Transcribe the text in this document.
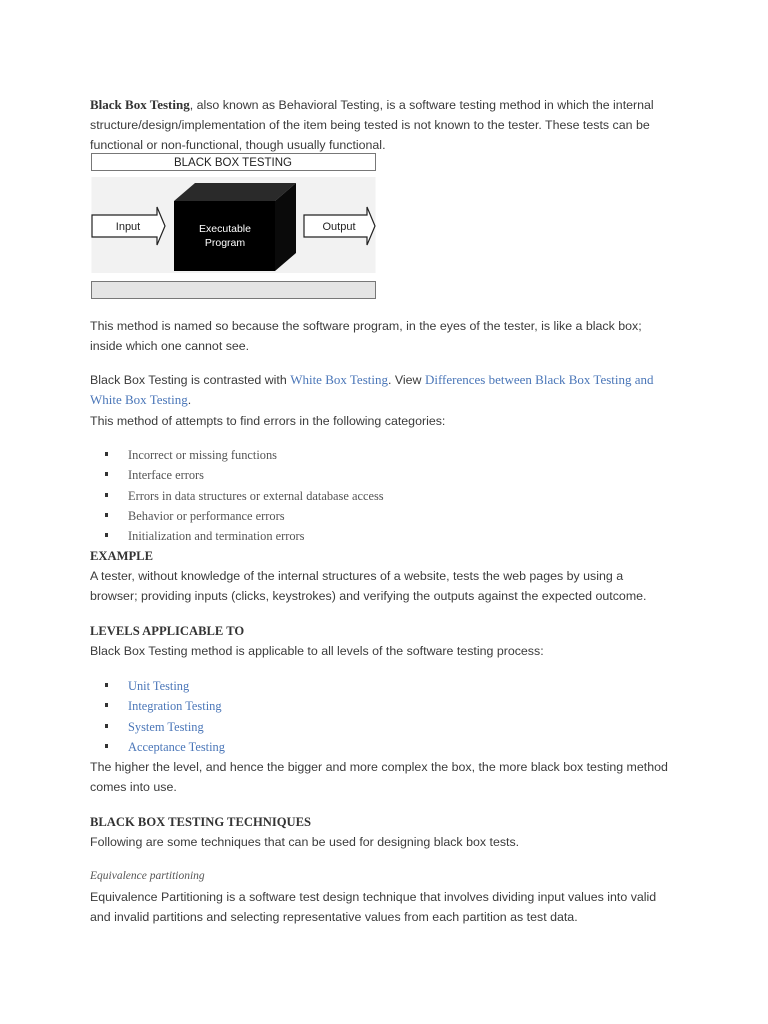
Black Box Testing, also known as Behavioral Testing, is a software testing method in which the internal structure/design/implementation of the item being tested is not known to the tester. These tests can be functional or non-functional, though usually functional.

BLACK BOX TESTING
Input	Executable
Program
Output

This method is named so because the software program, in the eyes of the tester, is like a black box; inside which one cannot see.

Black Box Testing is contrasted with White Box Testing. View Differences between Black Box Testing and White Box Testing.

This method of attempts to find errors in the following categories:

Incorrect or missing functions
Interface errors
Errors in data structures or external database access
Behavior or performance errors
Initialization and termination errors
EXAMPLE

A tester, without knowledge of the internal structures of a website, tests the web pages by using a browser; providing inputs (clicks, keystrokes) and verifying the outputs against the expected outcome.

LEVELS APPLICABLE TO

Black Box Testing method is applicable to all levels of the software testing process:

Unit Testing
Integration Testing
System Testing
Acceptance Testing

The higher the level, and hence the bigger and more complex the box, the more black box testing method comes into use.

BLACK BOX TESTING TECHNIQUES

Following are some techniques that can be used for designing black box tests.

Equivalence partitioning

Equivalence Partitioning is a software test design technique that involves dividing input values into valid and invalid partitions and selecting representative values from each partition as test data.
